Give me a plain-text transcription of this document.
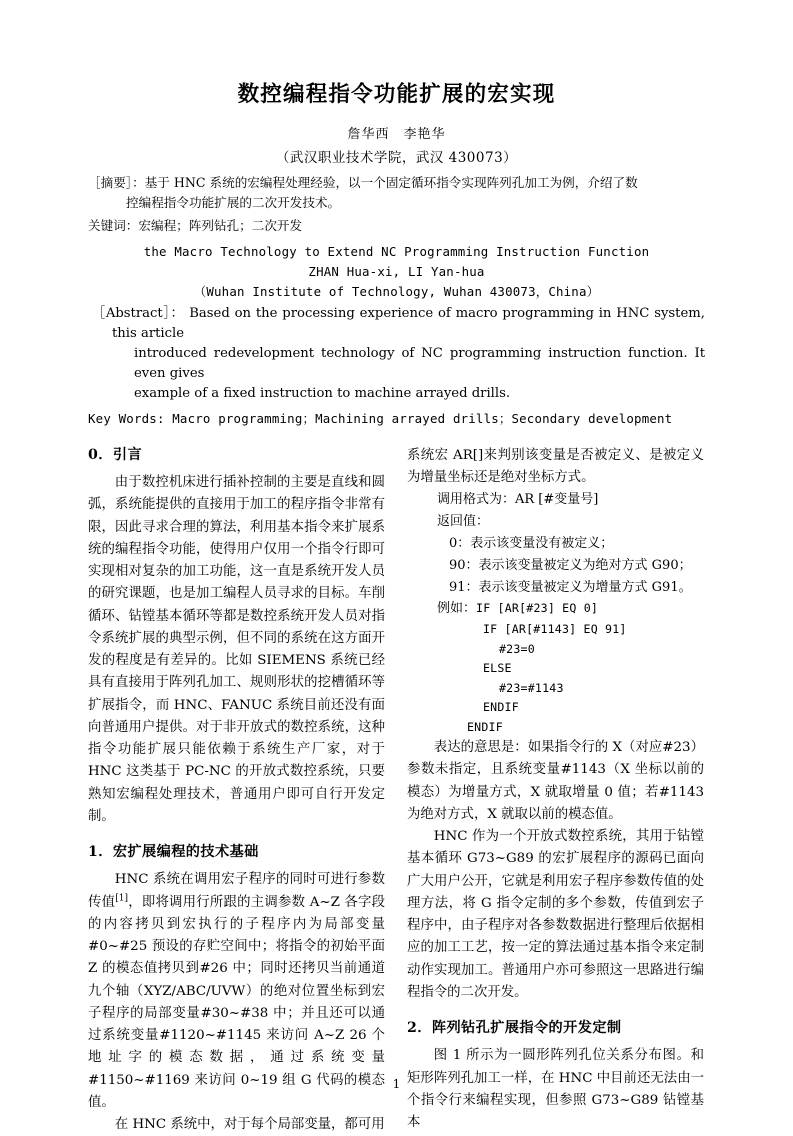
数控编程指令功能扩展的宏实现
詹华西　李艳华
（武汉职业技术学院，武汉 430073）
［摘要］：基于 HNC 系统的宏编程处理经验，以一个固定循环指令实现阵列孔加工为例，介绍了数
控编程指令功能扩展的二次开发技术。
关键词：宏编程；阵列钻孔；二次开发
the Macro Technology to Extend NC Programming Instruction Function
ZHAN Hua-xi, LI Yan-hua
（Wuhan Institute of Technology, Wuhan 430073，China）
［Abstract］： Based on the processing experience of macro programming in HNC system, this article
introduced redevelopment technology of NC programming instruction function. It even gives
example of a fixed instruction to machine arrayed drills.
Key Words: Macro programming；Machining arrayed drills；Secondary development
0．引言

由于数控机床进行插补控制的主要是直线和圆弧，系统能提供的直接用于加工的程序指令非常有限，因此寻求合理的算法，利用基本指令来扩展系统的编程指令功能，使得用户仅用一个指令行即可实现相对复杂的加工功能，这一直是系统开发人员的研究课题，也是加工编程人员寻求的目标。车削循环、钻镗基本循环等都是数控系统开发人员对指令系统扩展的典型示例，但不同的系统在这方面开发的程度是有差异的。比如 SIEMENS 系统已经具有直接用于阵列孔加工、规则形状的挖槽循环等扩展指令，而 HNC、FANUC 系统目前还没有面向普通用户提供。对于非开放式的数控系统，这种指令功能扩展只能依赖于系统生产厂家，对于 HNC 这类基于 PC-NC 的开放式数控系统，只要熟知宏编程处理技术，普通用户即可自行开发定制。

1．宏扩展编程的技术基础

HNC 系统在调用宏子程序的同时可进行参数传值[1]，即将调用行所跟的主调参数 A~Z 各字段的内容拷贝到宏执行的子程序内为局部变量#0~#25 预设的存贮空间中；将指令的初始平面 Z 的模态值拷贝到#26 中；同时还拷贝当前通道九个轴（XYZ/ABC/UVW）的绝对位置坐标到宏子程序的局部变量#30~#38 中；并且还可以通过系统变量#1120~#1145 来访问 A~Z 26 个地址字的模态数据，通过系统变量#1150~#1169 来访问 0~19 组 G 代码的模态值。

在 HNC 系统中，对于每个局部变量，都可用

系统宏 AR[]来判别该变量是否被定义、是被定义为增量坐标还是绝对坐标方式。

调用格式为：AR [#变量号]
返回值：
0：表示该变量没有被定义；
90：表示该变量被定义为绝对方式 G90；
91：表示该变量被定义为增量方式 G91。
例如：IF [AR[#23] EQ 0]
IF [AR[#1143] EQ 91]
#23=0
ELSE
#23=#1143
ENDIF
ENDIF

表达的意思是：如果指令行的 X（对应#23）参数未指定，且系统变量#1143（X 坐标以前的模态）为增量方式，X 就取增量 0 值；若#1143 为绝对方式，X 就取以前的模态值。

HNC 作为一个开放式数控系统，其用于钻镗基本循环 G73~G89 的宏扩展程序的源码已面向广大用户公开，它就是利用宏子程序参数传值的处理方法，将 G 指令定制的多个参数，传值到宏子程序中，由子程序对各参数数据进行整理后依据相应的加工工艺，按一定的算法通过基本指令来定制动作实现加工。普通用户亦可参照这一思路进行编程指令的二次开发。

2．阵列钻孔扩展指令的开发定制

图 1 所示为一圆形阵列孔位关系分布图。和矩形阵列孔加工一样，在 HNC 中目前还无法由一个指令行来编程实现，但参照 G73~G89 钻镗基本

1
